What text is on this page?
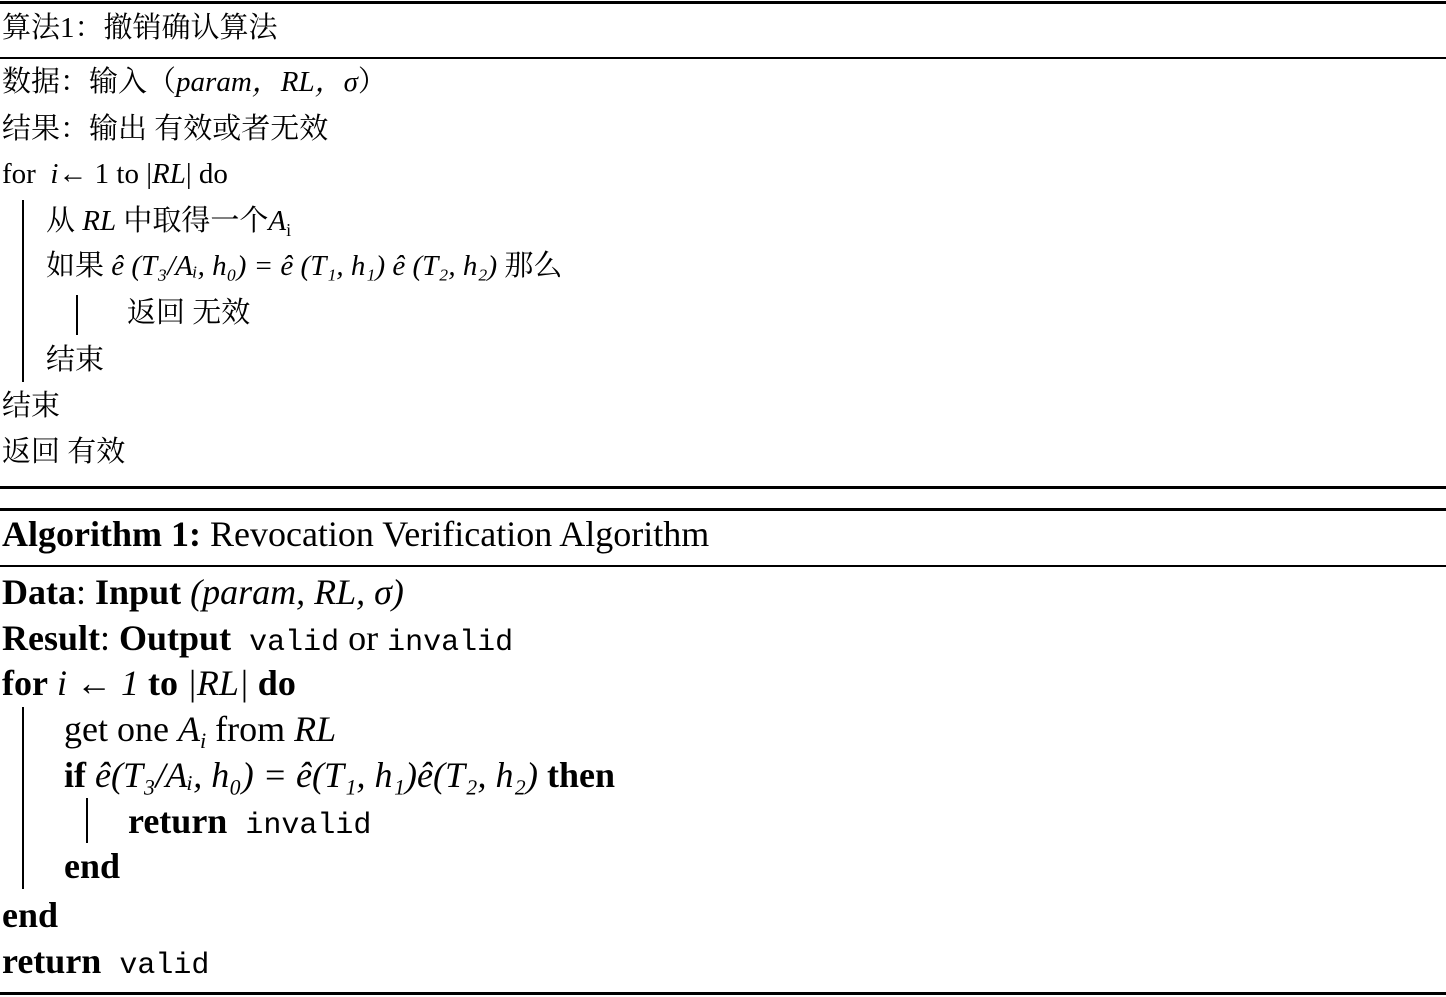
算法1：撤销确认算法
数据：输入（param，RL，σ）
结果：输出 有效或者无效
for i← 1 to |RL| do
从 RL 中取得一个$A_i$
如果 ê (T₃/Aᵢ, h₀) = ê (T₁, h₁) ê (T₂, h₂) 那么
返回 无效
结束
结束
返回 有效
Algorithm 1: Revocation Verification Algorithm
Data: Input (param, RL, σ)
Result: Output valid or invalid
for i ← 1 to |RL| do
get one $A_i$ from RL
if ê(T₃/Aᵢ, h₀) = ê(T₁, h₁)ê(T₂, h₂) then
return invalid
end
end
return valid
